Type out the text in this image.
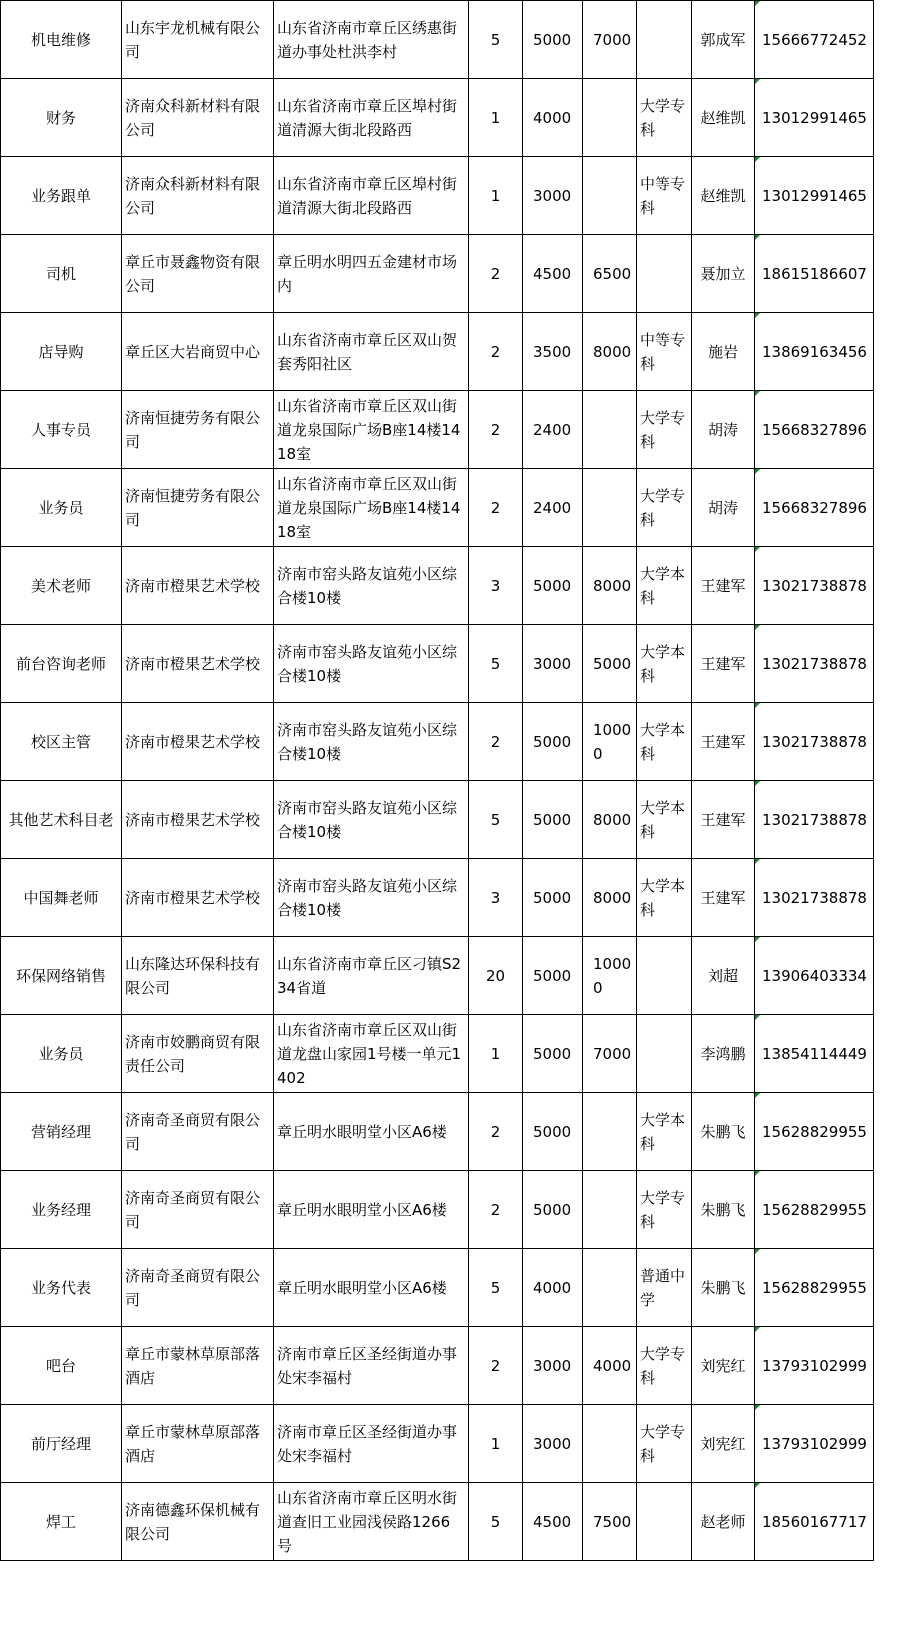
机电维修	山东宇龙机械有限公司	山东省济南市章丘区绣惠街道办事处杜洪李村	5	5000	7000		郭成军	15666772452
财务	济南众科新材料有限公司	山东省济南市章丘区埠村街道清源大街北段路西	1	4000		大学专科	赵维凯	13012991465
业务跟单	济南众科新材料有限公司	山东省济南市章丘区埠村街道清源大街北段路西	1	3000		中等专科	赵维凯	13012991465
司机	章丘市聂鑫物资有限公司	章丘明水明四五金建材市场内	2	4500	6500		聂加立	18615186607
店导购	章丘区大岩商贸中心	山东省济南市章丘区双山贺套秀阳社区	2	3500	8000	中等专科	施岩	13869163456
人事专员	济南恒捷劳务有限公司	山东省济南市章丘区双山街道龙泉国际广场B座14楼1418室	2	2400		大学专科	胡涛	15668327896
业务员	济南恒捷劳务有限公司	山东省济南市章丘区双山街道龙泉国际广场B座14楼1418室	2	2400		大学专科	胡涛	15668327896
美术老师	济南市橙果艺术学校	济南市窑头路友谊苑小区综合楼10楼	3	5000	8000	大学本科	王建军	13021738878
前台咨询老师	济南市橙果艺术学校	济南市窑头路友谊苑小区综合楼10楼	5	3000	5000	大学本科	王建军	13021738878
校区主管	济南市橙果艺术学校	济南市窑头路友谊苑小区综合楼10楼	2	5000	10000	大学本科	王建军	13021738878
其他艺术科目老	济南市橙果艺术学校	济南市窑头路友谊苑小区综合楼10楼	5	5000	8000	大学本科	王建军	13021738878
中国舞老师	济南市橙果艺术学校	济南市窑头路友谊苑小区综合楼10楼	3	5000	8000	大学本科	王建军	13021738878
环保网络销售	山东隆达环保科技有限公司	山东省济南市章丘区刁镇S234省道	20	5000	10000		刘超	13906403334
业务员	济南市姣鹏商贸有限责任公司	山东省济南市章丘区双山街道龙盘山家园1号楼一单元1402	1	5000	7000		李鸿鹏	13854114449
营销经理	济南奇圣商贸有限公司	章丘明水眼明堂小区A6楼	2	5000		大学本科	朱鹏飞	15628829955
业务经理	济南奇圣商贸有限公司	章丘明水眼明堂小区A6楼	2	5000		大学专科	朱鹏飞	15628829955
业务代表	济南奇圣商贸有限公司	章丘明水眼明堂小区A6楼	5	4000		普通中学	朱鹏飞	15628829955
吧台	章丘市蒙林草原部落酒店	济南市章丘区圣经街道办事处宋李福村	2	3000	4000	大学专科	刘宪红	13793102999
前厅经理	章丘市蒙林草原部落酒店	济南市章丘区圣经街道办事处宋李福村	1	3000		大学专科	刘宪红	13793102999
焊工	济南德鑫环保机械有限公司	山东省济南市章丘区明水街道查旧工业园浅侯路1266号	5	4500	7500		赵老师	18560167717
